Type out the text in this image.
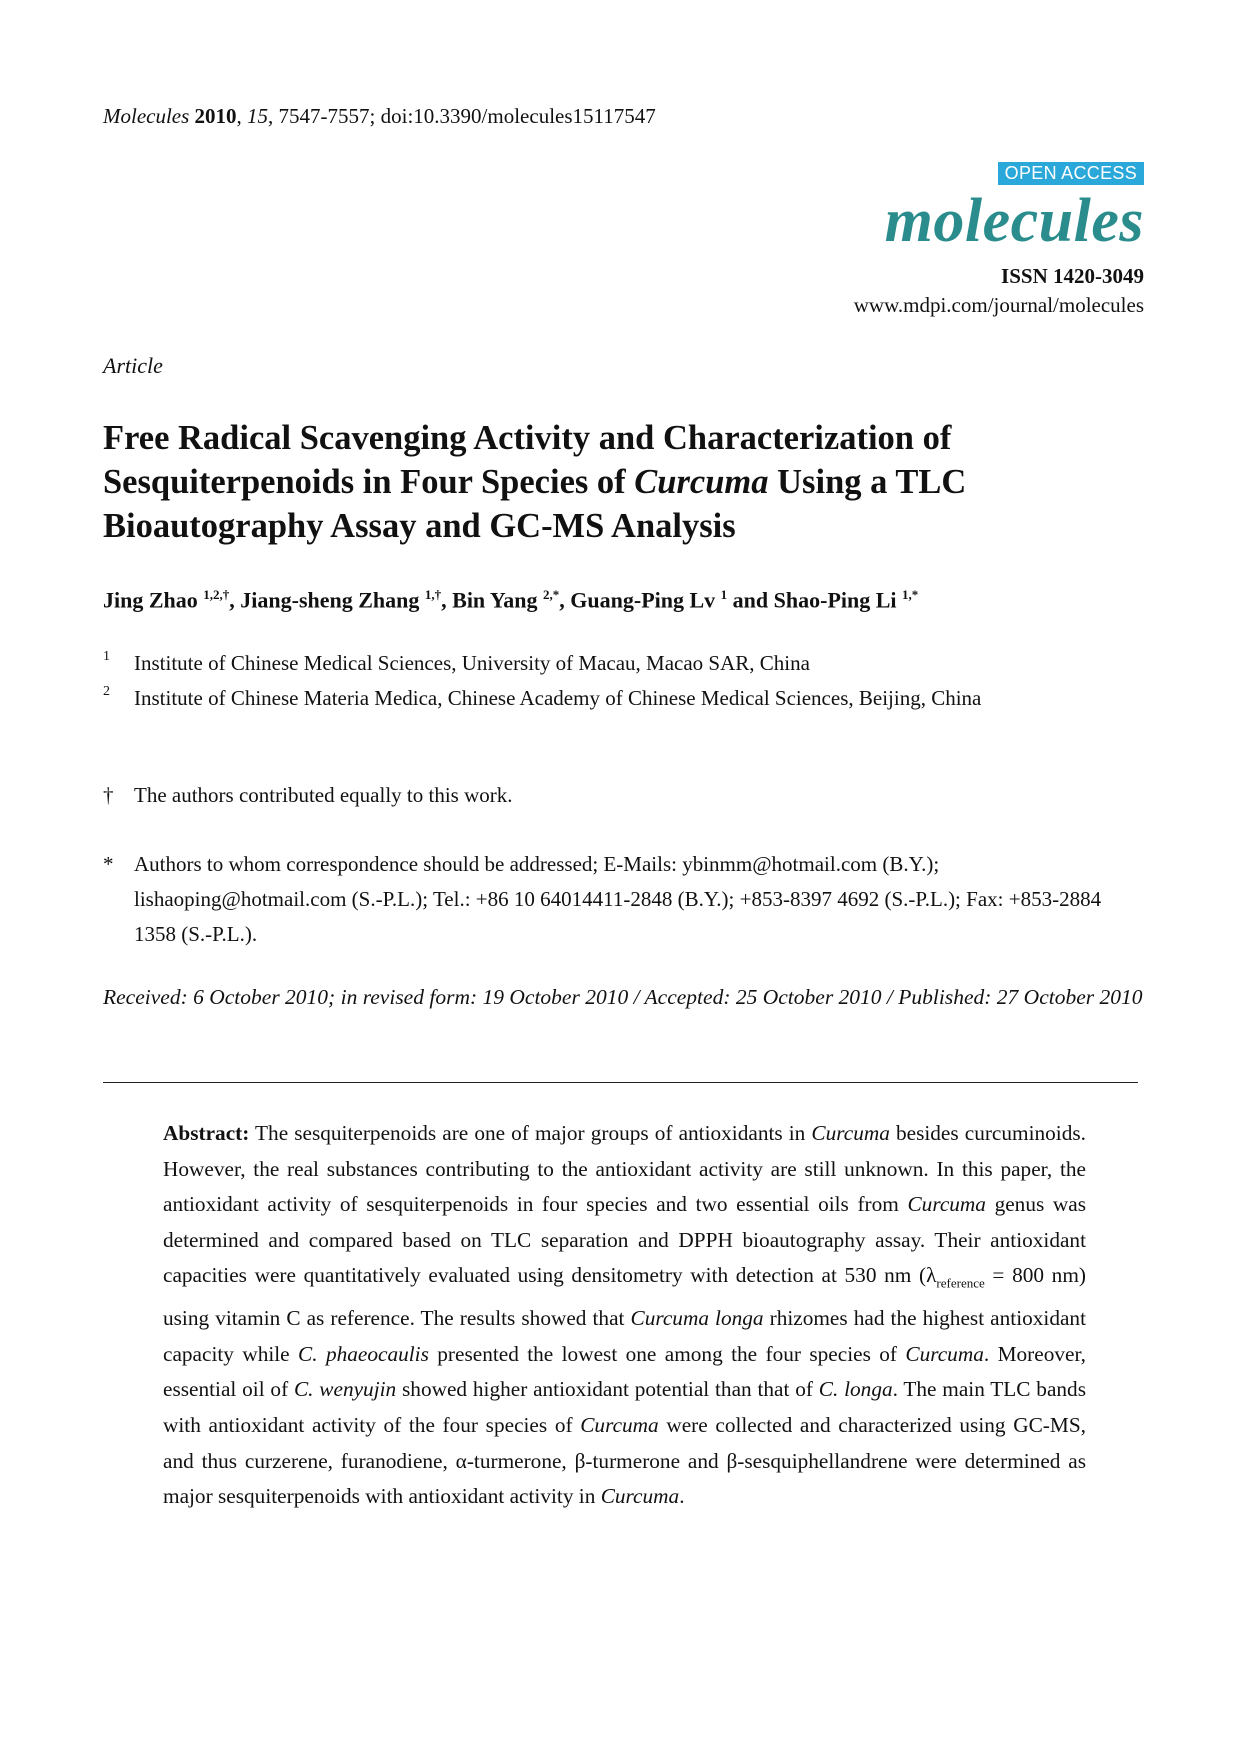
Molecules 2010, 15, 7547-7557; doi:10.3390/molecules15117547
OPEN ACCESS
molecules
ISSN 1420-3049
www.mdpi.com/journal/molecules
Article
Free Radical Scavenging Activity and Characterization of
Sesquiterpenoids in Four Species of Curcuma Using a TLC
Bioautography Assay and GC-MS Analysis
Jing Zhao $^{1,2,\dagger}$, Jiang-sheng Zhang $^{1,\dagger}$, Bin Yang $^{2,*}$, Guang-Ping Lv $^1$ and Shao-Ping Li $^{1,*}$
1 Institute of Chinese Medical Sciences, University of Macau, Macao SAR, China
2 Institute of Chinese Materia Medica, Chinese Academy of Chinese Medical Sciences, Beijing, China
† The authors contributed equally to this work.
* Authors to whom correspondence should be addressed; E-Mails: ybinmm@hotmail.com (B.Y.); lishaoping@hotmail.com (S.-P.L.); Tel.: +86 10 64014411-2848 (B.Y.); +853-8397 4692 (S.-P.L.); Fax: +853-2884 1358 (S.-P.L.).
Received: 6 October 2010; in revised form: 19 October 2010 / Accepted: 25 October 2010 / Published: 27 October 2010
Abstract: The sesquiterpenoids are one of major groups of antioxidants in Curcuma besides curcuminoids. However, the real substances contributing to the antioxidant activity are still unknown. In this paper, the antioxidant activity of sesquiterpenoids in four species and two essential oils from Curcuma genus was determined and compared based on TLC separation and DPPH bioautography assay. Their antioxidant capacities were quantitatively evaluated using densitometry with detection at 530 nm ($\lambda_{reference} = 800$ nm) using vitamin C as reference. The results showed that Curcuma longa rhizomes had the highest antioxidant capacity while C. phaeocaulis presented the lowest one among the four species of Curcuma. Moreover, essential oil of C. wenyujin showed higher antioxidant potential than that of C. longa. The main TLC bands with antioxidant activity of the four species of Curcuma were collected and characterized using GC-MS, and thus curzerene, furanodiene, α-turmerone, β-turmerone and β-sesquiphellandrene were determined as major sesquiterpenoids with antioxidant activity in Curcuma.
